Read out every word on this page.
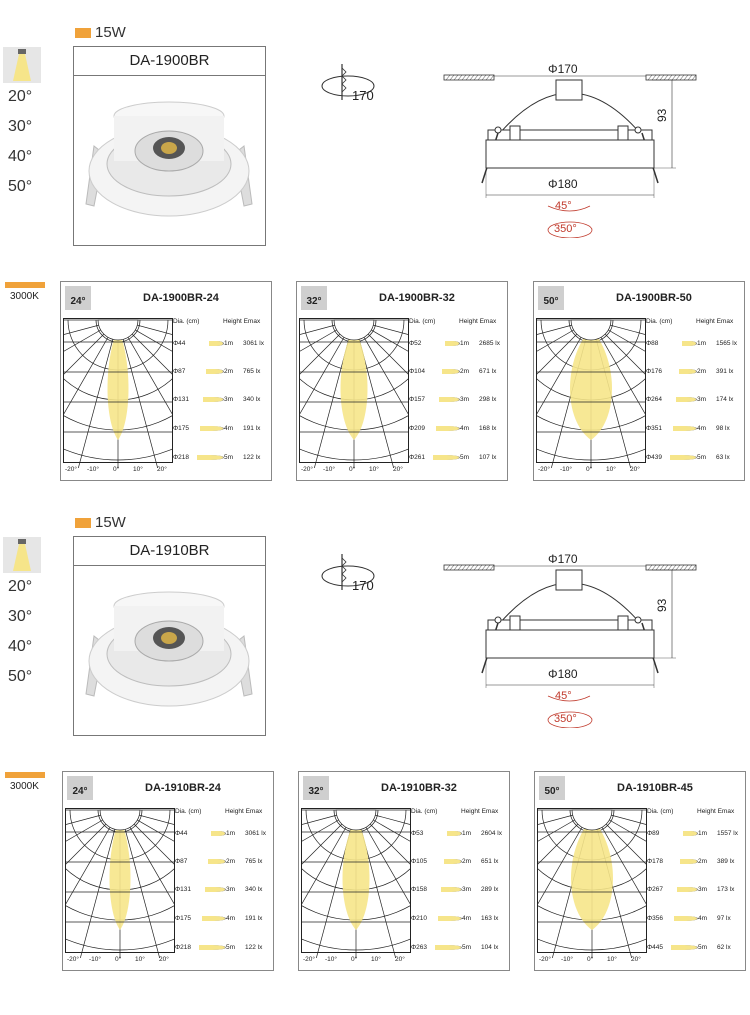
15W
20°
30°
40°
50°
DA-1900BR
170
Φ170
Φ180
93
45°
350°
3000K	24°	DA-1900BR-24
Dia. (cm)	Height Emax
Φ44	1m 3061 lx
Φ87	2m 765 lx
Φ131	3m 340 lx
Φ175	4m 191 lx
Φ218	5m 122 lx
-20° -10° 0° 10° 20°
32°	DA-1900BR-32
Dia. (cm)	Height Emax
Φ52	1m 2685 lx
Φ104	2m 671 lx
Φ157	3m 298 lx
Φ209	4m 168 lx
Φ261	5m 107 lx
-20° -10° 0° 10° 20°
50°	DA-1900BR-50
Dia. (cm)	Height Emax
Φ88	1m 1565 lx
Φ176	2m 391 lx
Φ264	3m 174 lx
Φ351	4m 98 lx
Φ439	5m 63 lx
-20° -10° 0° 10° 20°
15W
20°
30°
40°
50°
DA-1910BR
170
Φ170
Φ180
93
45°
350°
3000K	24°	DA-1910BR-24
Dia. (cm)	Height Emax
Φ44	1m 3061 lx
Φ87	2m 765 lx
Φ131	3m 340 lx
Φ175	4m 191 lx
Φ218	5m 122 lx
-20° -10° 0° 10° 20°
32°	DA-1910BR-32
Dia. (cm)	Height Emax
Φ53	1m 2604 lx
Φ105	2m 651 lx
Φ158	3m 289 lx
Φ210	4m 163 lx
Φ263	5m 104 lx
-20° -10° 0° 10° 20°
50°	DA-1910BR-45
Dia. (cm)	Height Emax
Φ89	1m 1557 lx
Φ178	2m 389 lx
Φ267	3m 173 lx
Φ356	4m 97 lx
Φ445	5m 62 lx
-20° -10° 0° 10° 20°
